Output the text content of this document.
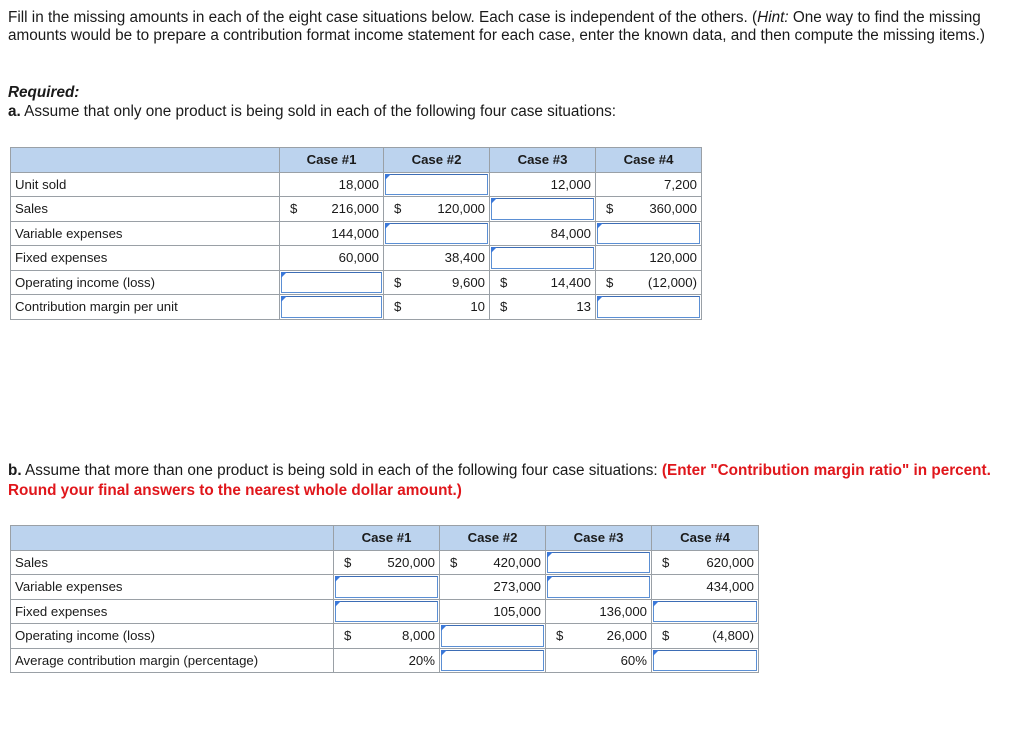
Fill in the missing amounts in each of the eight case situations below. Each case is independent of the others. (Hint: One way to find the missing amounts would be to prepare a contribution format income statement for each case, enter the known data, and then compute the missing items.)
Required:
a. Assume that only one product is being sold in each of the following four case situations:
	Case #1		Case #2		Case #3		Case #4	
Unit sold		18,000				12,000		7,200
Sales	$	216,000	$	120,000			$	360,000
Variable expenses		144,000				84,000		
Fixed expenses		60,000		38,400				120,000
Operating income (loss)			$	9,600	$	14,400	$	(12,000)
Contribution margin per unit			$	10	$	13		
b. Assume that more than one product is being sold in each of the following four case situations: (Enter "Contribution margin ratio" in percent. Round your final answers to the nearest whole dollar amount.)
	Case #1		Case #2		Case #3		Case #4	
Sales	$	520,000	$	420,000			$	620,000
Variable expenses				273,000				434,000
Fixed expenses				105,000		136,000		
Operating income (loss)	$	8,000			$	26,000	$	(4,800)
Average contribution margin (percentage)		20%				60%		
